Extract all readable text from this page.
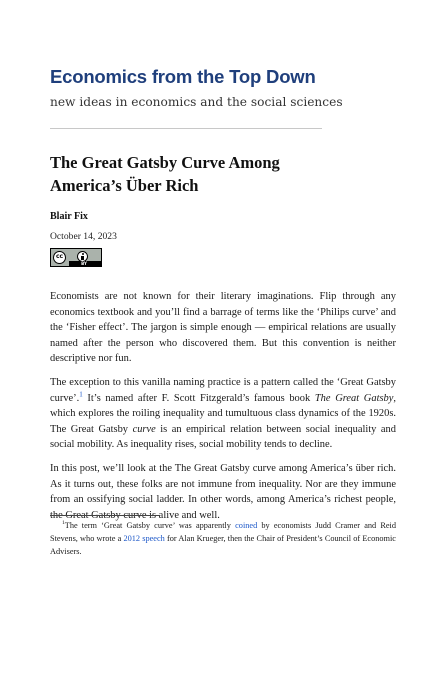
Economics from the Top Down
new ideas in economics and the social sciences
The Great Gatsby Curve Among America’s Über Rich
Blair Fix
October 14, 2023
cc
BY

Economists are not known for their literary imaginations. Flip through any economics textbook and you’ll find a barrage of terms like the ‘Philips curve’ and the ‘Fisher effect’. The jargon is simple enough — empirical relations are usually named after the person who discovered them. But this convention is neither descriptive nor fun.

The exception to this vanilla naming practice is a pattern called the ‘Great Gatsby curve’.$^1$ It’s named after F. Scott Fitzgerald’s famous book The Great Gatsby, which explores the roiling inequality and tumultuous class dynamics of the 1920s. The Great Gatsby curve is an empirical relation between social inequality and social mobility. As inequality rises, social mobility tends to decline.

In this post, we’ll look at the The Great Gatsby curve among America’s über rich. As it turns out, these folks are not immune from inequality. Nor are they immune from an ossifying social ladder. In other words, among America’s richest people, the Great Gatsby curve is alive and well.

$^1$The term ‘Great Gatsby curve’ was apparently coined by economists Judd Cramer and Reid Stevens, who wrote a 2012 speech for Alan Krueger, then the Chair of President’s Council of Economic Advisers.
